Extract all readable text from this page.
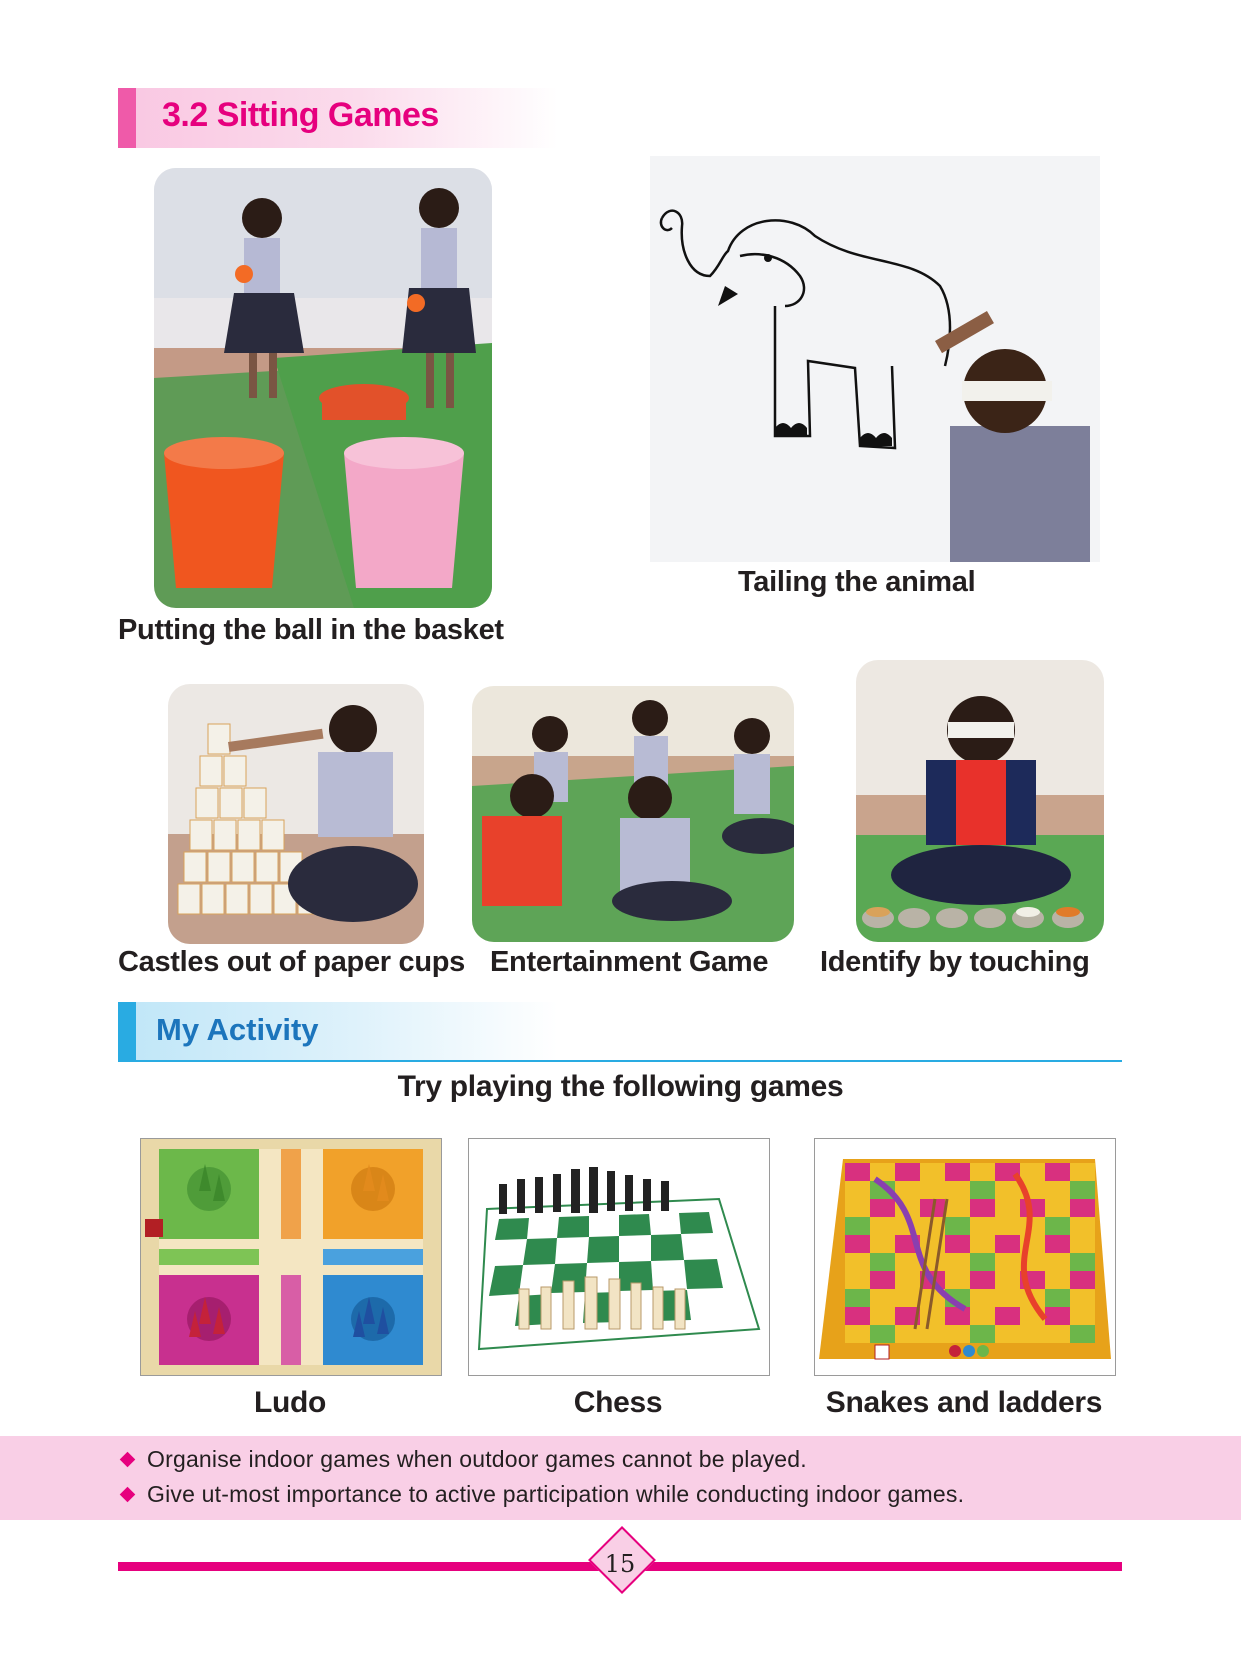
3.2 Sitting Games
Putting the ball in the basket
Tailing the animal
Castles out of paper cups Entertainment Game Identify by touching
My Activity
Try playing the following games
Ludo	Chess	Snakes and ladders
Organise indoor games when outdoor games cannot be played.
Give ut-most importance to active participation while conducting indoor games.
15
